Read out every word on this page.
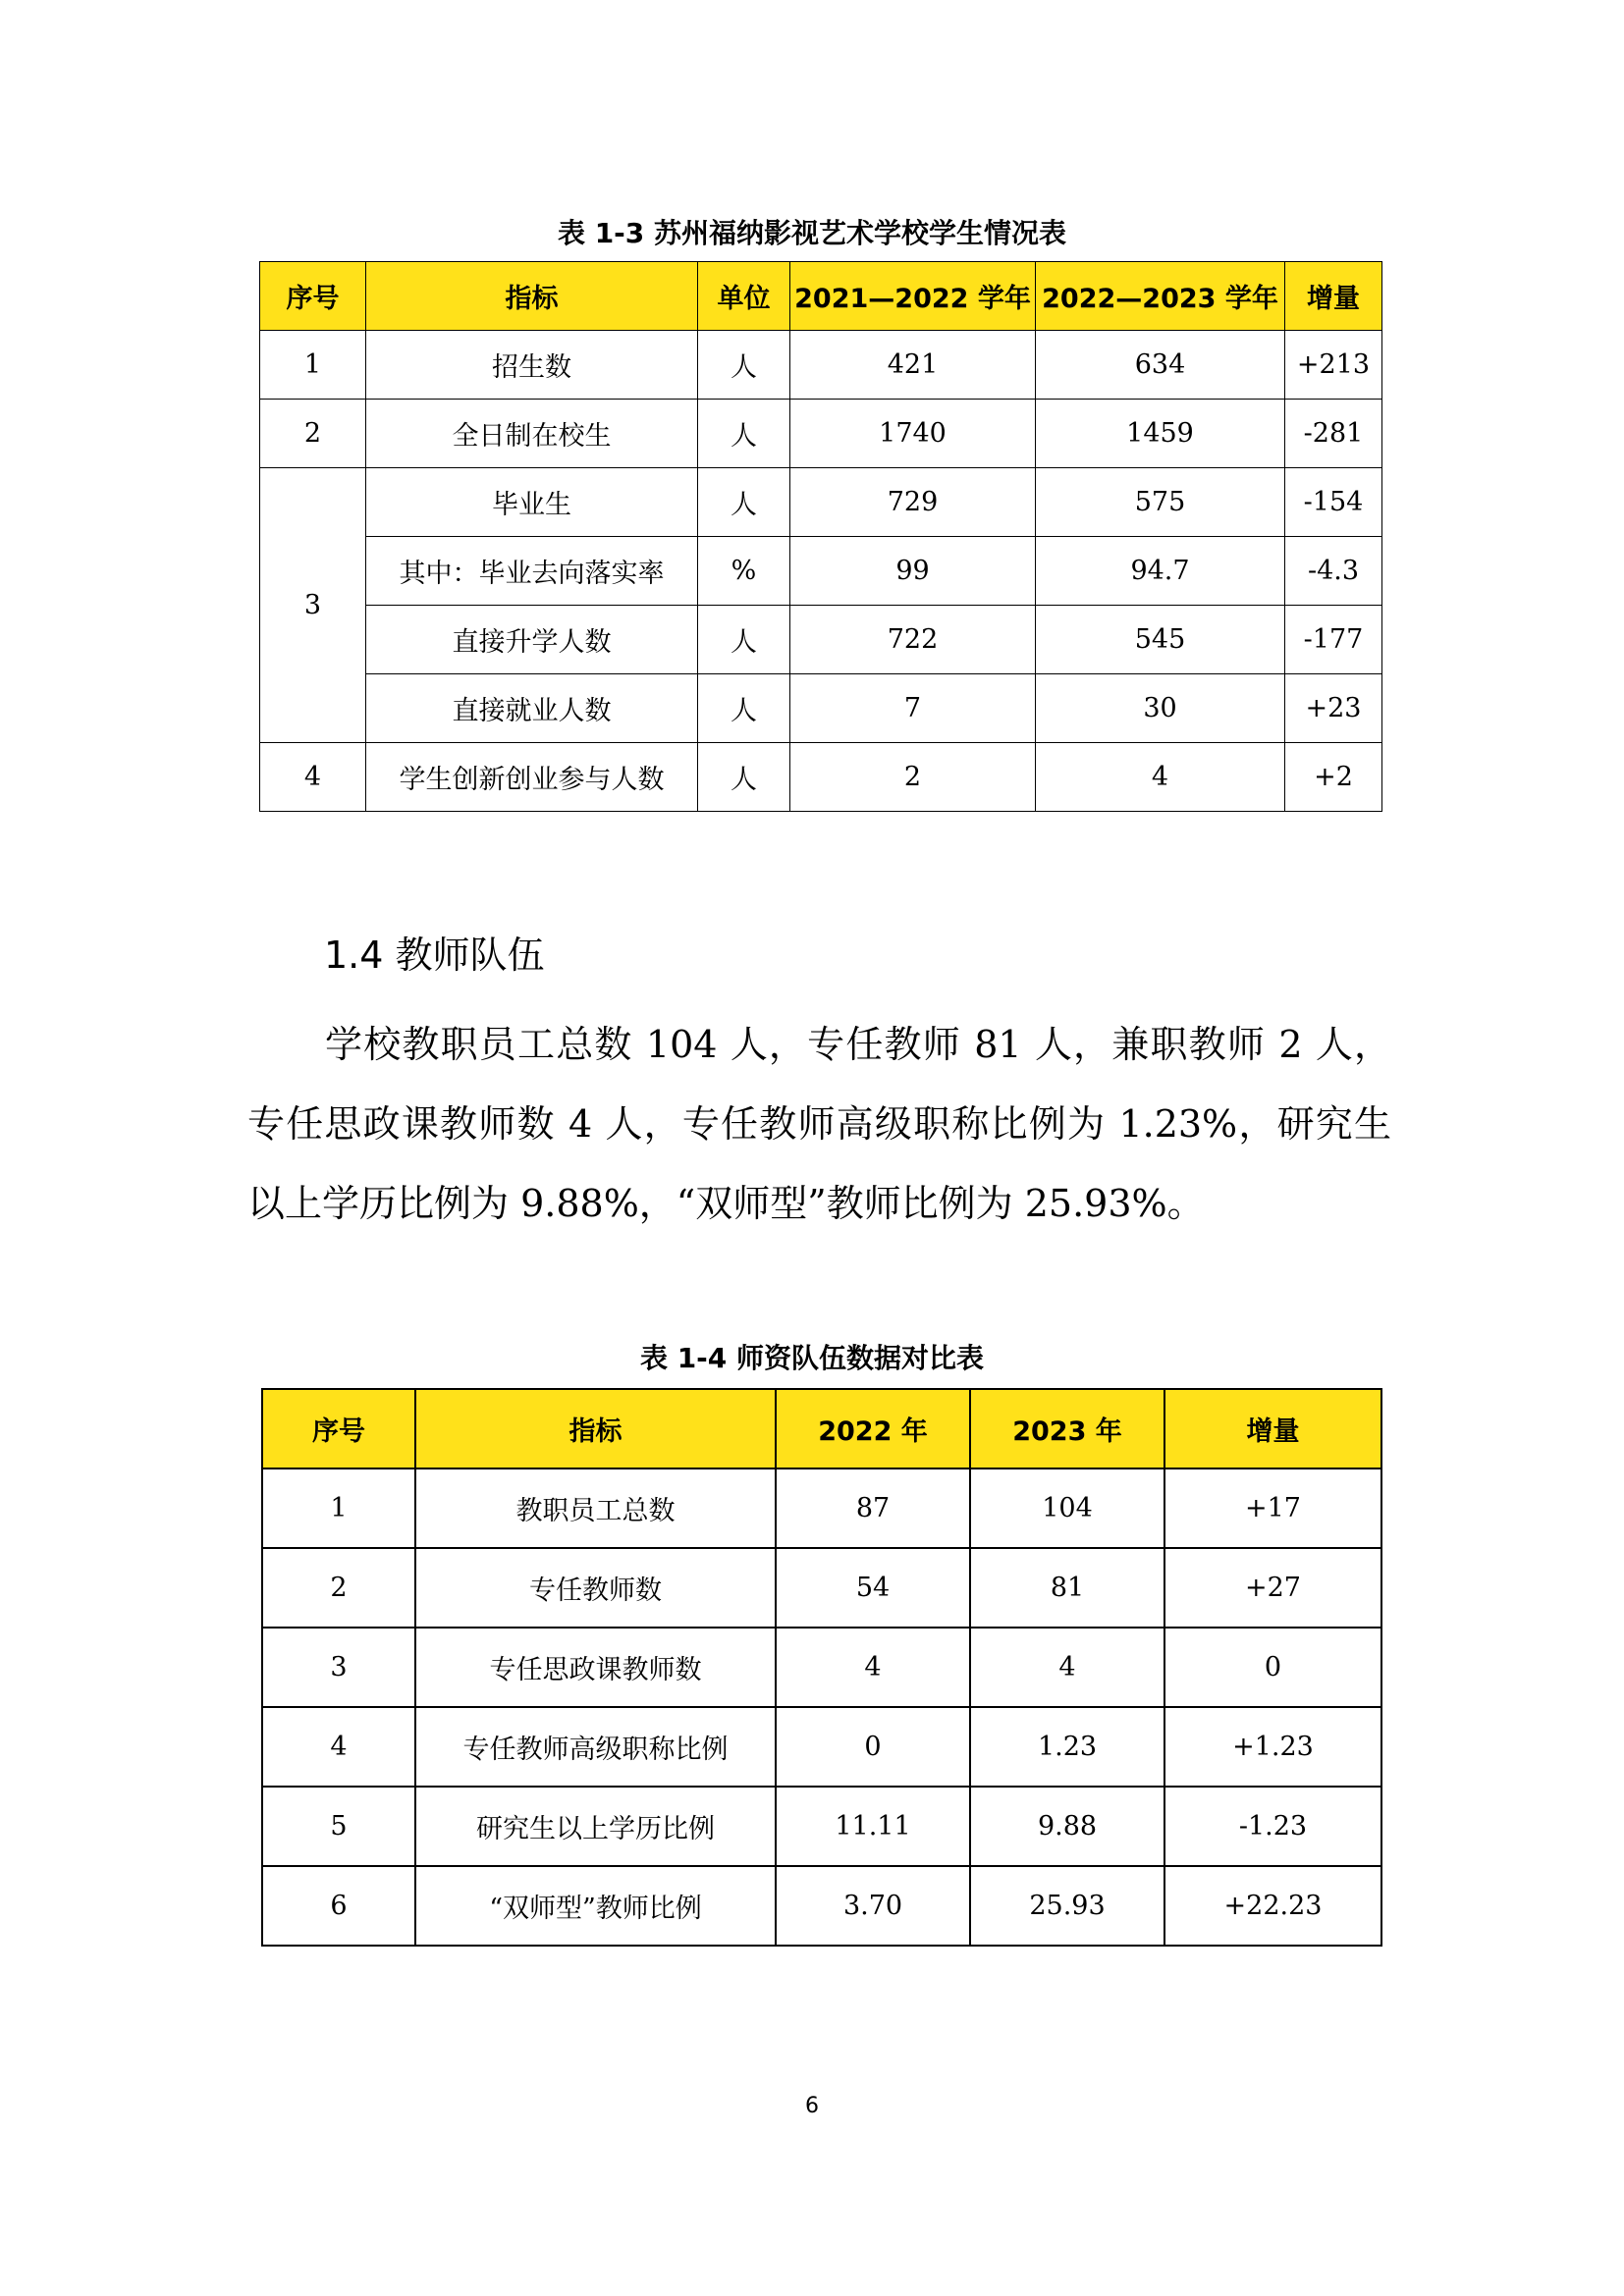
表 1-3 苏州福纳影视艺术学校学生情况表
序号	指标	单位	2021—2022 学年	2022—2023 学年	增量
1	招生数	人	421	634	+213
2	全日制在校生	人	1740	1459	-281
3	毕业生	人	729	575	-154
	其中：毕业去向落实率	%	99	94.7	-4.3
	直接升学人数	人	722	545	-177
	直接就业人数	人	7	30	+23
4	学生创新创业参与人数	人	2	4	+2
1.4 教师队伍
学校教职员工总数 104 人，专任教师 81 人，兼职教师 2 人，专任思政课教师数 4 人，专任教师高级职称比例为 1.23%，研究生以上学历比例为 9.88%，“双师型”教师比例为 25.93%。
表 1-4 师资队伍数据对比表
序号	指标	2022 年	2023 年	增量
1	教职员工总数	87	104	+17
2	专任教师数	54	81	+27
3	专任思政课教师数	4	4	0
4	专任教师高级职称比例	0	1.23	+1.23
5	研究生以上学历比例	11.11	9.88	-1.23
6	“双师型”教师比例	3.70	25.93	+22.23
6
